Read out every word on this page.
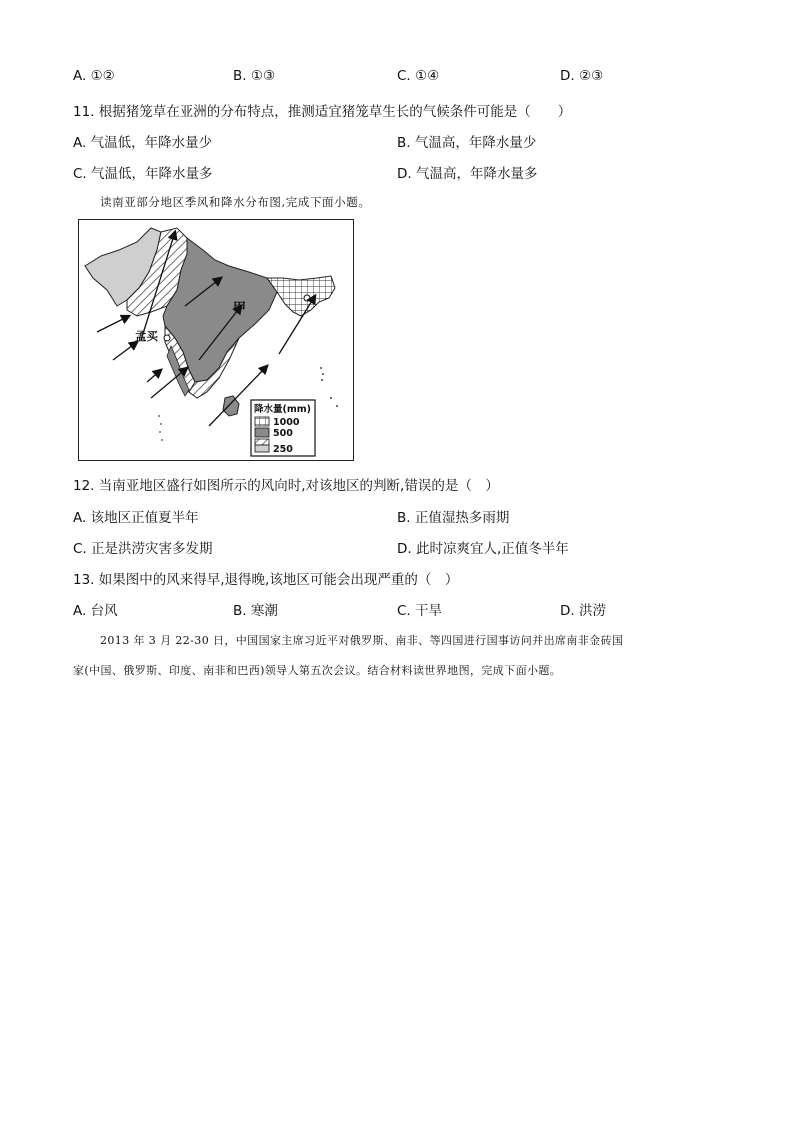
A. ①②	B. ①③	C. ①④	D. ②③
11. 根据猪笼草在亚洲的分布特点，推测适宜猪笼草生长的气候条件可能是（　　）
A. 气温低，年降水量少	B. 气温高，年降水量少
C. 气温低，年降水量多	D. 气温高，年降水量多
读南亚部分地区季风和降水分布图,完成下面小题。
甲
孟买
降水量(mm)
1000
500
250
12. 当南亚地区盛行如图所示的风向时,对该地区的判断,错误的是（　）
A. 该地区正值夏半年	B. 正值湿热多雨期
C. 正是洪涝灾害多发期	D. 此时凉爽宜人,正值冬半年
13. 如果图中的风来得早,退得晚,该地区可能会出现严重的（　）
A. 台风	B. 寒潮	C. 干旱	D. 洪涝
2013 年 3 月 22-30 日，中国国家主席习近平对俄罗斯、南非、等四国进行国事访问并出席南非金砖国
家(中国、俄罗斯、印度、南非和巴西)领导人第五次会议。结合材料读世界地图，完成下面小题。
